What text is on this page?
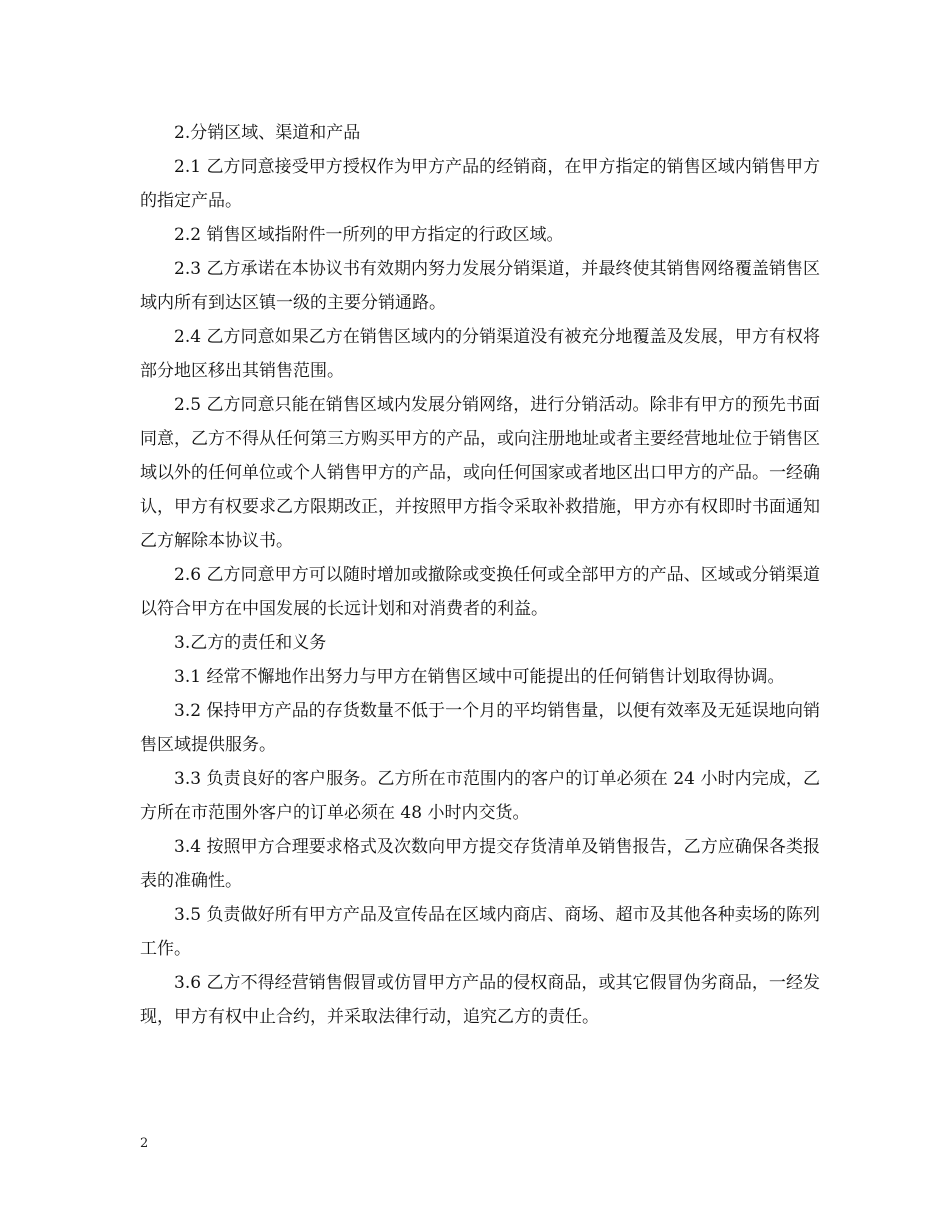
2.分销区域、渠道和产品

2.1 乙方同意接受甲方授权作为甲方产品的经销商，在甲方指定的销售区域内销售甲方的指定产品。

2.2 销售区域指附件一所列的甲方指定的行政区域。

2.3 乙方承诺在本协议书有效期内努力发展分销渠道，并最终使其销售网络覆盖销售区域内所有到达区镇一级的主要分销通路。

2.4 乙方同意如果乙方在销售区域内的分销渠道没有被充分地覆盖及发展，甲方有权将部分地区移出其销售范围。

2.5 乙方同意只能在销售区域内发展分销网络，进行分销活动。除非有甲方的预先书面同意，乙方不得从任何第三方购买甲方的产品，或向注册地址或者主要经营地址位于销售区域以外的任何单位或个人销售甲方的产品，或向任何国家或者地区出口甲方的产品。一经确认，甲方有权要求乙方限期改正，并按照甲方指令采取补救措施，甲方亦有权即时书面通知乙方解除本协议书。

2.6 乙方同意甲方可以随时增加或撤除或变换任何或全部甲方的产品、区域或分销渠道以符合甲方在中国发展的长远计划和对消费者的利益。

3.乙方的责任和义务

3.1 经常不懈地作出努力与甲方在销售区域中可能提出的任何销售计划取得协调。

3.2 保持甲方产品的存货数量不低于一个月的平均销售量，以便有效率及无延误地向销售区域提供服务。

3.3 负责良好的客户服务。乙方所在市范围内的客户的订单必须在 24 小时内完成，乙方所在市范围外客户的订单必须在 48 小时内交货。

3.4 按照甲方合理要求格式及次数向甲方提交存货清单及销售报告，乙方应确保各类报表的准确性。

3.5 负责做好所有甲方产品及宣传品在区域内商店、商场、超市及其他各种卖场的陈列工作。

3.6 乙方不得经营销售假冒或仿冒甲方产品的侵权商品，或其它假冒伪劣商品，一经发现，甲方有权中止合约，并采取法律行动，追究乙方的责任。

2
